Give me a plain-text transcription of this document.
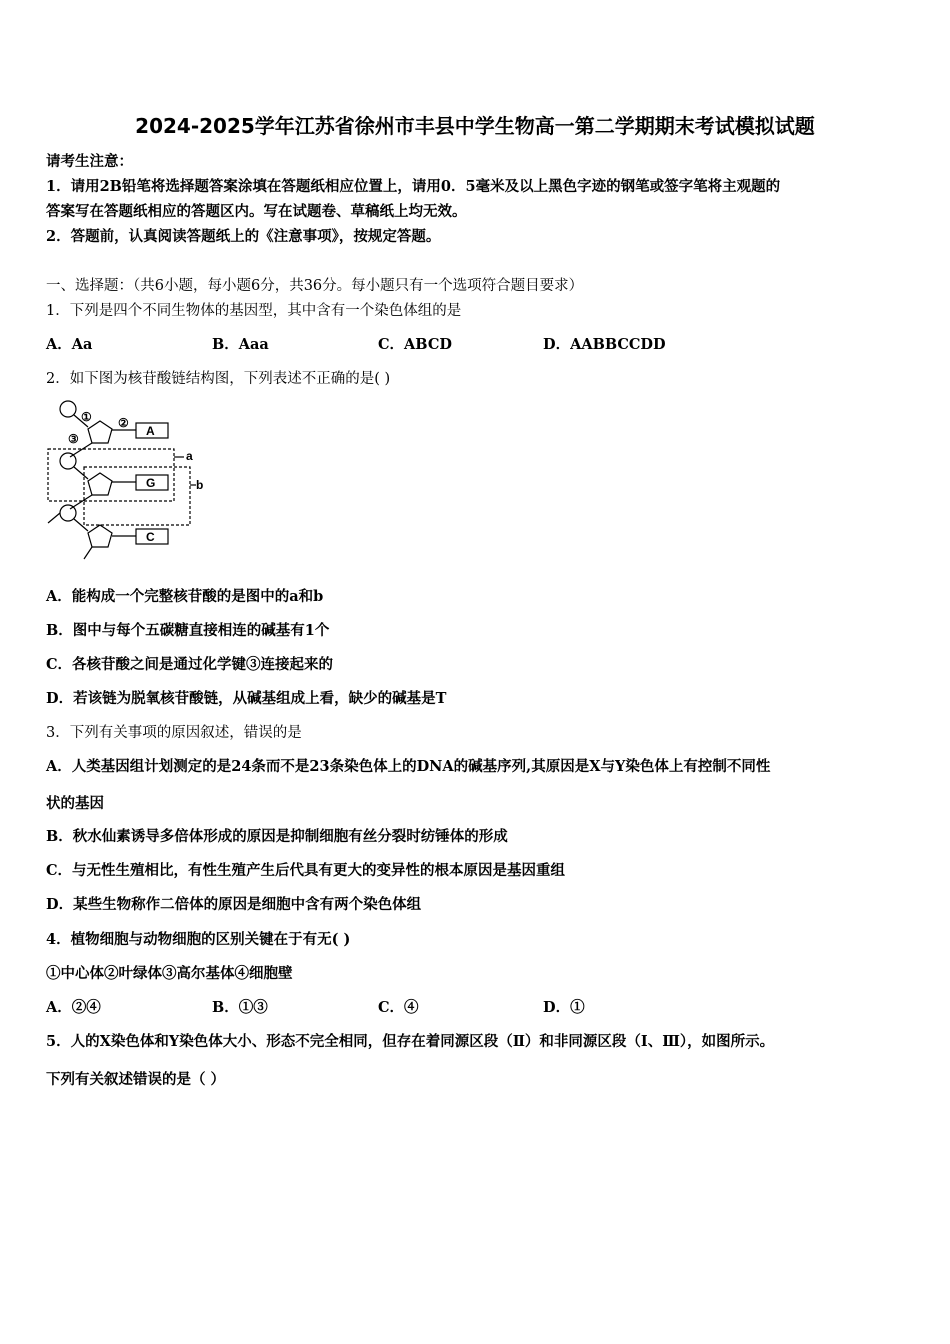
2024-2025学年江苏省徐州市丰县中学生物高一第二学期期末考试模拟试题
请考生注意：
1．请用2B铅笔将选择题答案涂填在答题纸相应位置上，请用0．5毫米及以上黑色字迹的钢笔或签字笔将主观题的
答案写在答题纸相应的答题区内。写在试题卷、草稿纸上均无效。
2．答题前，认真阅读答题纸上的《注意事项》，按规定答题。
一、选择题：（共6小题，每小题6分，共36分。每小题只有一个选项符合题目要求）
1．下列是四个不同生物体的基因型，其中含有一个染色体组的是
A．Aa	B．Aaa	C．ABCD	D．AABBCCDD
2．如下图为核苷酸链结构图，下列表述不正确的是( )
① ②
③
A
G
C
a
b
A．能构成一个完整核苷酸的是图中的a和b
B．图中与每个五碳糖直接相连的碱基有1个
C．各核苷酸之间是通过化学键③连接起来的
D．若该链为脱氧核苷酸链，从碱基组成上看，缺少的碱基是T
3．下列有关事项的原因叙述，错误的是
A．人类基因组计划测定的是24条而不是23条染色体上的DNA的碱基序列,其原因是X与Y染色体上有控制不同性
状的基因
B．秋水仙素诱导多倍体形成的原因是抑制细胞有丝分裂时纺锤体的形成
C．与无性生殖相比，有性生殖产生后代具有更大的变异性的根本原因是基因重组
D．某些生物称作二倍体的原因是细胞中含有两个染色体组
4．植物细胞与动物细胞的区别关键在于有无( )
①中心体②叶绿体③高尔基体④细胞壁
A．②④	B．①③	C．④	D．①
5．人的X染色体和Y染色体大小、形态不完全相同，但存在着同源区段（Ⅱ）和非同源区段（Ⅰ、Ⅲ），如图所示。
下列有关叙述错误的是（ ）
